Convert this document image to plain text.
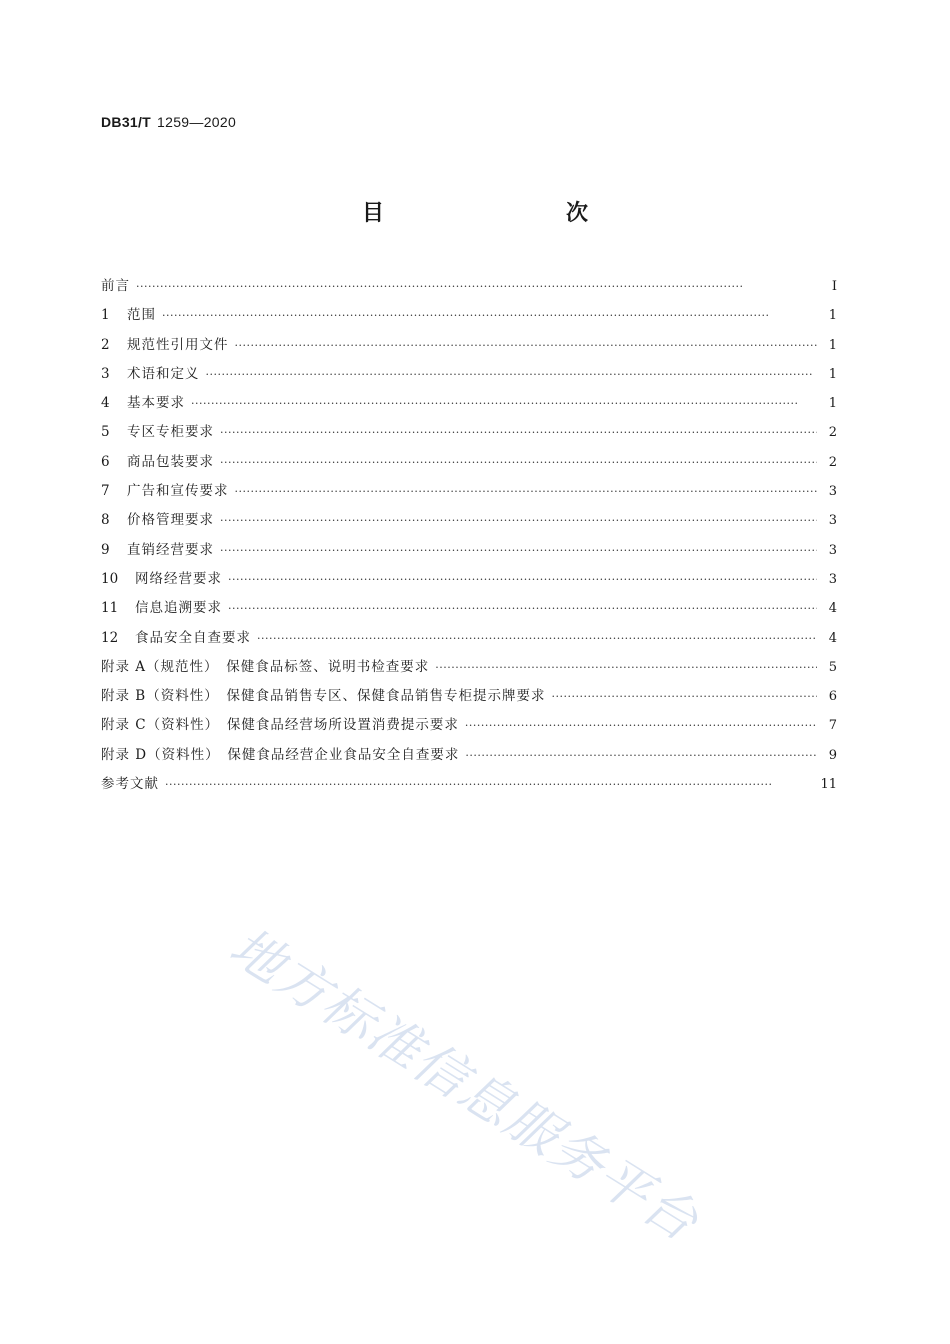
DB31/T 1259—2020
目　　次
前言 ·····	Ⅰ
1	范围 ·····	1
2	规范性引用文件 ·····	1
3	术语和定义 ·····	1
4	基本要求 ·····	1
5	专区专柜要求 ·····	2
6	商品包装要求 ·····	2
7	广告和宣传要求 ·····	3
8	价格管理要求 ·····	3
9	直销经营要求 ·····	3
10	网络经营要求 ·····	3
11	信息追溯要求 ·····	4
12	食品安全自查要求 ·····	4
附录 A（规范性）　保健食品标签、说明书检查要求 ·····	5
附录 B（资料性）　保健食品销售专区、保健食品销售专柜提示牌要求 ·····	6
附录 C（资料性）　保健食品经营场所设置消费提示要求 ·····	7
附录 D（资料性）　保健食品经营企业食品安全自查要求 ·····	9
参考文献 ·····	11
地方标准信息服务平台
